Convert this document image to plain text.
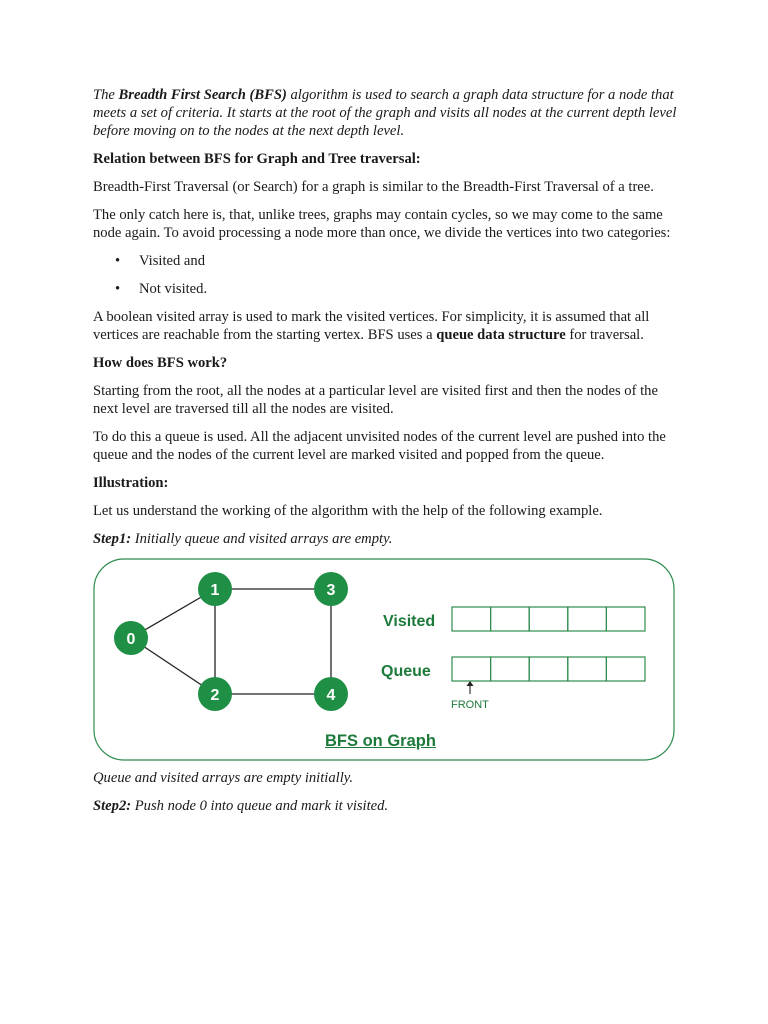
The Breadth First Search (BFS) algorithm is used to search a graph data structure for a node that meets a set of criteria. It starts at the root of the graph and visits all nodes at the current depth level before moving on to the nodes at the next depth level.

Relation between BFS for Graph and Tree traversal:

Breadth-First Traversal (or Search) for a graph is similar to the Breadth-First Traversal of a tree.

The only catch here is, that, unlike trees, graphs may contain cycles, so we may come to the same node again. To avoid processing a node more than once, we divide the vertices into two categories:

• Visited and
• Not visited.

A boolean visited array is used to mark the visited vertices. For simplicity, it is assumed that all vertices are reachable from the starting vertex. BFS uses a queue data structure for traversal.

How does BFS work?

Starting from the root, all the nodes at a particular level are visited first and then the nodes of the next level are traversed till all the nodes are visited.

To do this a queue is used. All the adjacent unvisited nodes of the current level are pushed into the queue and the nodes of the current level are marked visited and popped from the queue.

Illustration:

Let us understand the working of the algorithm with the help of the following example.

Step1: Initially queue and visited arrays are empty.

0
1
2
3
4
Visited
Queue
FRONT
BFS on Graph

Queue and visited arrays are empty initially.

Step2: Push node 0 into queue and mark it visited.
